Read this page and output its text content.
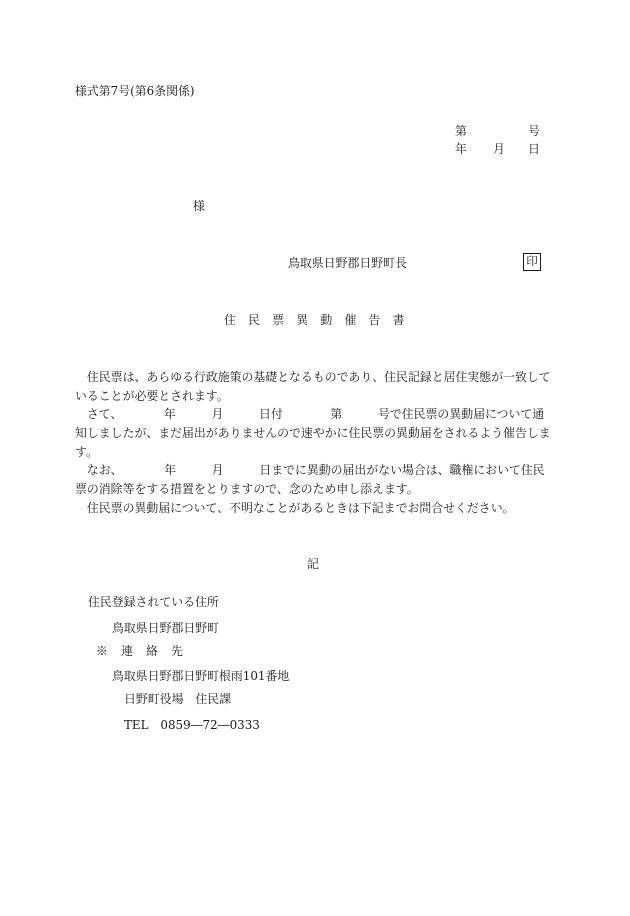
様式第7号(第6条関係)
第	号
年 月 日
様
鳥取県日野郡日野町長	印
住民票異動催告書
　住民票は、あらゆる行政施策の基礎となるものであり、住民記録と居住実態が一致して
いることが必要とされます。
　さて、　　　　年　　　月　　　日付　　　　第　　　号で住民票の異動届について通
知しましたが、まだ届出がありませんので速やかに住民票の異動届をされるよう催告しま
す。
　なお、　　　　年　　　月　　　日までに異動の届出がない場合は、職権において住民
票の消除等をする措置をとりますので、念のため申し添えます。
　住民票の異動届について、不明なことがあるときは下記までお問合せください。
記
住民登録されている住所
鳥取県日野郡日野町
※　連　絡　先
鳥取県日野郡日野町根雨101番地
日野町役場　住民課
TEL　0859―72―0333
